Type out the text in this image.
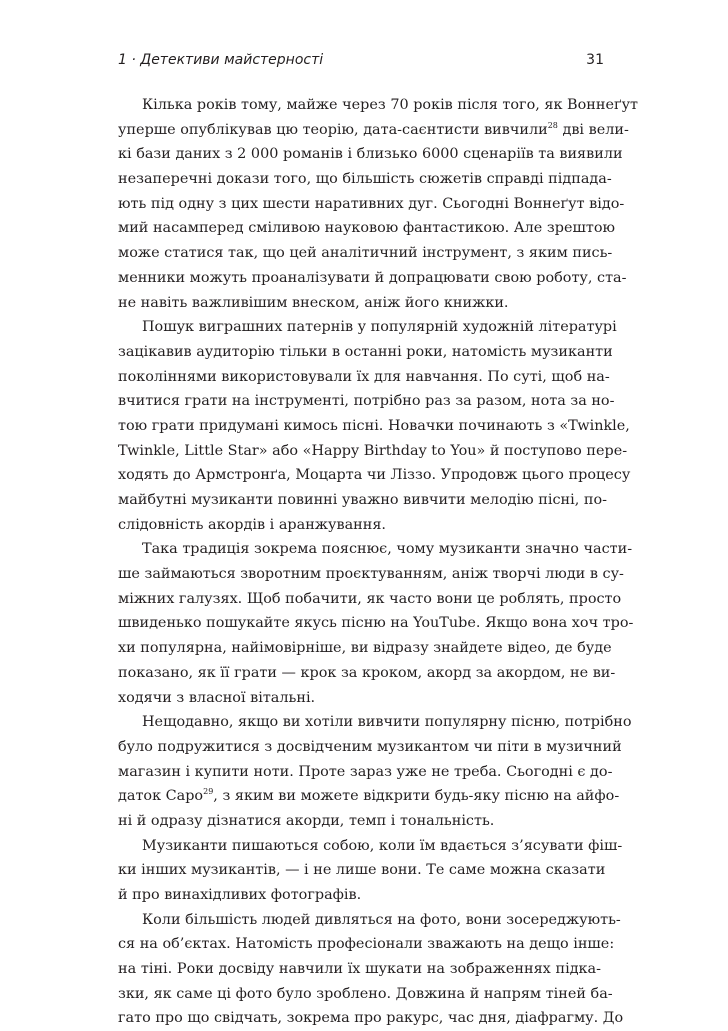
1 · Детективи майстерності	31
Кілька років тому, майже через 70 років після того, як Воннеґут
уперше опублікував цю теорію, дата-саєнтисти вивчили$^{28}$ дві вели-
кі бази даних з 2 000 романів і близько 6000 сценаріїв та виявили
незаперечні докази того, що більшість сюжетів справді підпада-
ють під одну з цих шести наративних дуг. Сьогодні Воннеґут відо-
мий насамперед сміливою науковою фантастикою. Але зрештою
може статися так, що цей аналітичний інструмент, з яким пись-
менники можуть проаналізувати й допрацювати свою роботу, ста-
не навіть важливішим внеском, аніж його книжки.
Пошук виграшних патернів у популярній художній літературі
зацікавив аудиторію тільки в останні роки, натомість музиканти
поколіннями використовували їх для навчання. По суті, щоб на-
вчитися грати на інструменті, потрібно раз за разом, нота за но-
тою грати придумані кимось пісні. Новачки починають з «Twinkle,
Twinkle, Little Star» або «Happy Birthday to You» й поступово пере-
ходять до Армстронґа, Моцарта чи Ліззо. Упродовж цього процесу
майбутні музиканти повинні уважно вивчити мелодію пісні, по-
слідовність акордів і аранжування.
Така традиція зокрема пояснює, чому музиканти значно части-
ше займаються зворотним проєктуванням, аніж творчі люди в су-
міжних галузях. Щоб побачити, як часто вони це роблять, просто
швиденько пошукайте якусь пісню на YouTube. Якщо вона хоч тро-
хи популярна, найімовірніше, ви відразу знайдете відео, де буде
показано, як її грати — крок за кроком, акорд за акордом, не ви-
ходячи з власної вітальні.
Нещодавно, якщо ви хотіли вивчити популярну пісню, потрібно
було подружитися з досвідченим музикантом чи піти в музичний
магазин і купити ноти. Проте зараз уже не треба. Сьогодні є до-
даток Capo$^{29}$, з яким ви можете відкрити будь-яку пісню на айфо-
ні й одразу дізнатися акорди, темп і тональність.
Музиканти пишаються собою, коли їм вдається з’ясувати фіш-
ки інших музикантів, — і не лише вони. Те саме можна сказати
й про винахідливих фотографів.
Коли більшість людей дивляться на фото, вони зосереджують-
ся на об’єктах. Натомість професіонали зважають на дещо інше:
на тіні. Роки досвіду навчили їх шукати на зображеннях підка-
зки, як саме ці фото було зроблено. Довжина й напрям тіней ба-
гато про що свідчать, зокрема про ракурс, час дня, діафрагму. До
